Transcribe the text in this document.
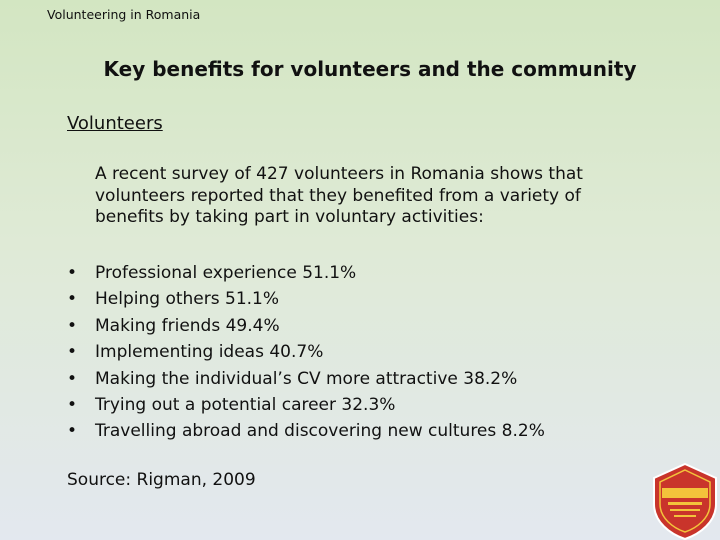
Volunteering in Romania
Key benefits for volunteers and the community
Volunteers
A recent survey of 427 volunteers in Romania shows that
volunteers reported that they benefited from a variety of
benefits by taking part in voluntary activities:
• Professional experience 51.1%
• Helping others 51.1%
• Making friends 49.4%
• Implementing ideas 40.7%
• Making the individual’s CV more attractive 38.2%
• Trying out a potential career 32.3%
• Travelling abroad and discovering new cultures 8.2%
Source: Rigman, 2009
